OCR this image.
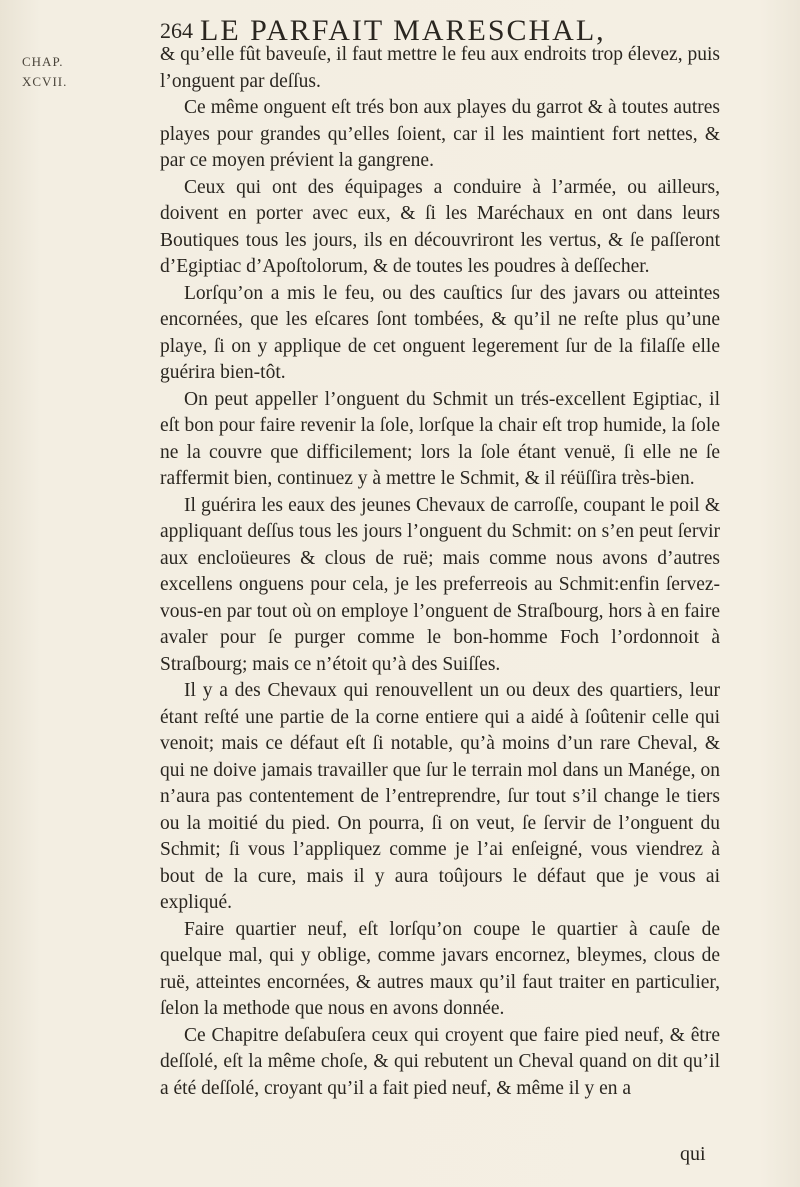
264 LE PARFAIT MARESCHAL,
CHAP.
XCVII.

& qu’elle fût baveuſe, il faut mettre le feu aux endroits trop élevez, puis l’onguent par deſſus.

Ce même onguent eſt trés bon aux playes du garrot & à toutes autres playes pour grandes qu’elles ſoient, car il les maintient fort nettes, & par ce moyen prévient la gangrene.

Ceux qui ont des équipages a conduire à l’armée, ou ailleurs, doivent en porter avec eux, & ſi les Maréchaux en ont dans leurs Boutiques tous les jours, ils en découvriront les vertus, & ſe paſſeront d’Egiptiac d’Apoſtolorum, & de toutes les poudres à deſſecher.

Lorſqu’on a mis le feu, ou des cauſtics ſur des javars ou atteintes encornées, que les eſcares ſont tombées, & qu’il ne reſte plus qu’une playe, ſi on y applique de cet onguent legerement ſur de la filaſſe elle guérira bien-tôt.

On peut appeller l’onguent du Schmit un trés-excellent Egiptiac, il eſt bon pour faire revenir la ſole, lorſque la chair eſt trop humide, la ſole ne la couvre que difficilement; lors la ſole étant venuë, ſi elle ne ſe raffermit bien, continuez y à mettre le Schmit, & il réüſſira très-bien.

Il guérira les eaux des jeunes Chevaux de carroſſe, coupant le poil & appliquant deſſus tous les jours l’onguent du Schmit: on s’en peut ſervir aux encloüeures & clous de ruë; mais comme nous avons d’autres excellens onguens pour cela, je les preferreois au Schmit:enfin ſervez-vous-en par tout où on employe l’onguent de Straſbourg, hors à en faire avaler pour ſe purger comme le bon-homme Foch l’ordonnoit à Straſbourg; mais ce n’étoit qu’à des Suiſſes.

Il y a des Chevaux qui renouvellent un ou deux des quartiers, leur étant reſté une partie de la corne entiere qui a aidé à ſoûtenir celle qui venoit; mais ce défaut eſt ſi notable, qu’à moins d’un rare Cheval, & qui ne doive jamais travailler que ſur le terrain mol dans un Manége, on n’aura pas contentement de l’entreprendre, ſur tout s’il change le tiers ou la moitié du pied. On pourra, ſi on veut, ſe ſervir de l’onguent du Schmit; ſi vous l’appliquez comme je l’ai enſeigné, vous viendrez à bout de la cure, mais il y aura toûjours le défaut que je vous ai expliqué.

Faire quartier neuf, eſt lorſqu’on coupe le quartier à cauſe de quelque mal, qui y oblige, comme javars encornez, bleymes, clous de ruë, atteintes encornées, & autres maux qu’il faut traiter en particulier, ſelon la methode que nous en avons donnée.

Ce Chapitre deſabuſera ceux qui croyent que faire pied neuf, & être deſſolé, eſt la même choſe, & qui rebutent un Cheval quand on dit qu’il a été deſſolé, croyant qu’il a fait pied neuf, & même il y en a

qui
